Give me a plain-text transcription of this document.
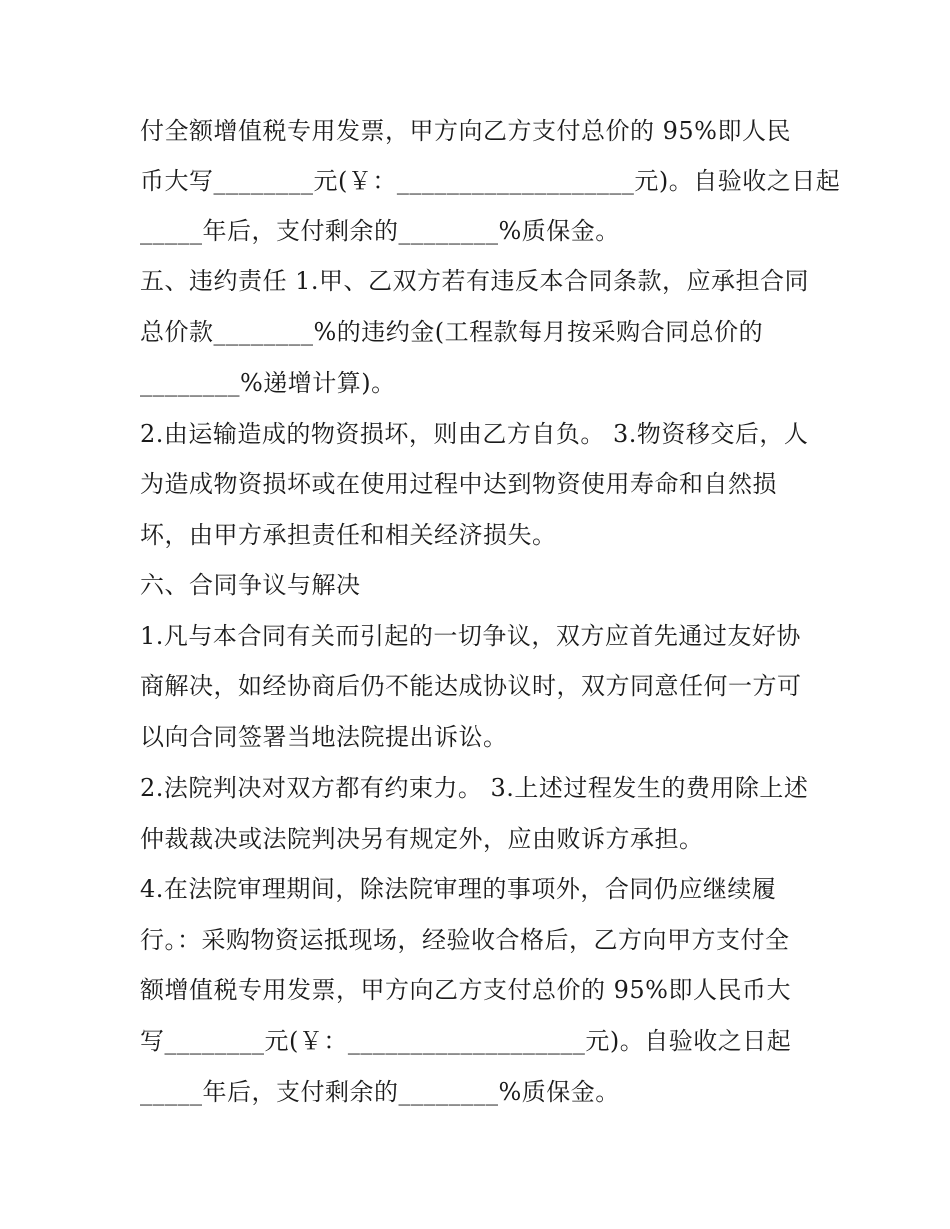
付全额增值税专用发票，甲方向乙方支付总价的 95%即人民
币大写________元(￥：___________________元)。自验收之日起
_____年后，支付剩余的________%质保金。
五、违约责任 1.甲、乙双方若有违反本合同条款，应承担合同
总价款________%的违约金(工程款每月按采购合同总价的
________%递增计算)。
2.由运输造成的物资损坏，则由乙方自负。 3.物资移交后，人
为造成物资损坏或在使用过程中达到物资使用寿命和自然损
坏，由甲方承担责任和相关经济损失。
六、合同争议与解决
1.凡与本合同有关而引起的一切争议，双方应首先通过友好协
商解决，如经协商后仍不能达成协议时，双方同意任何一方可
以向合同签署当地法院提出诉讼。
2.法院判决对双方都有约束力。 3.上述过程发生的费用除上述
仲裁裁决或法院判决另有规定外，应由败诉方承担。
4.在法院审理期间，除法院审理的事项外，合同仍应继续履
行。：采购物资运抵现场，经验收合格后，乙方向甲方支付全
额增值税专用发票，甲方向乙方支付总价的 95%即人民币大
写________元(￥：___________________元)。自验收之日起
_____年后，支付剩余的________%质保金。
